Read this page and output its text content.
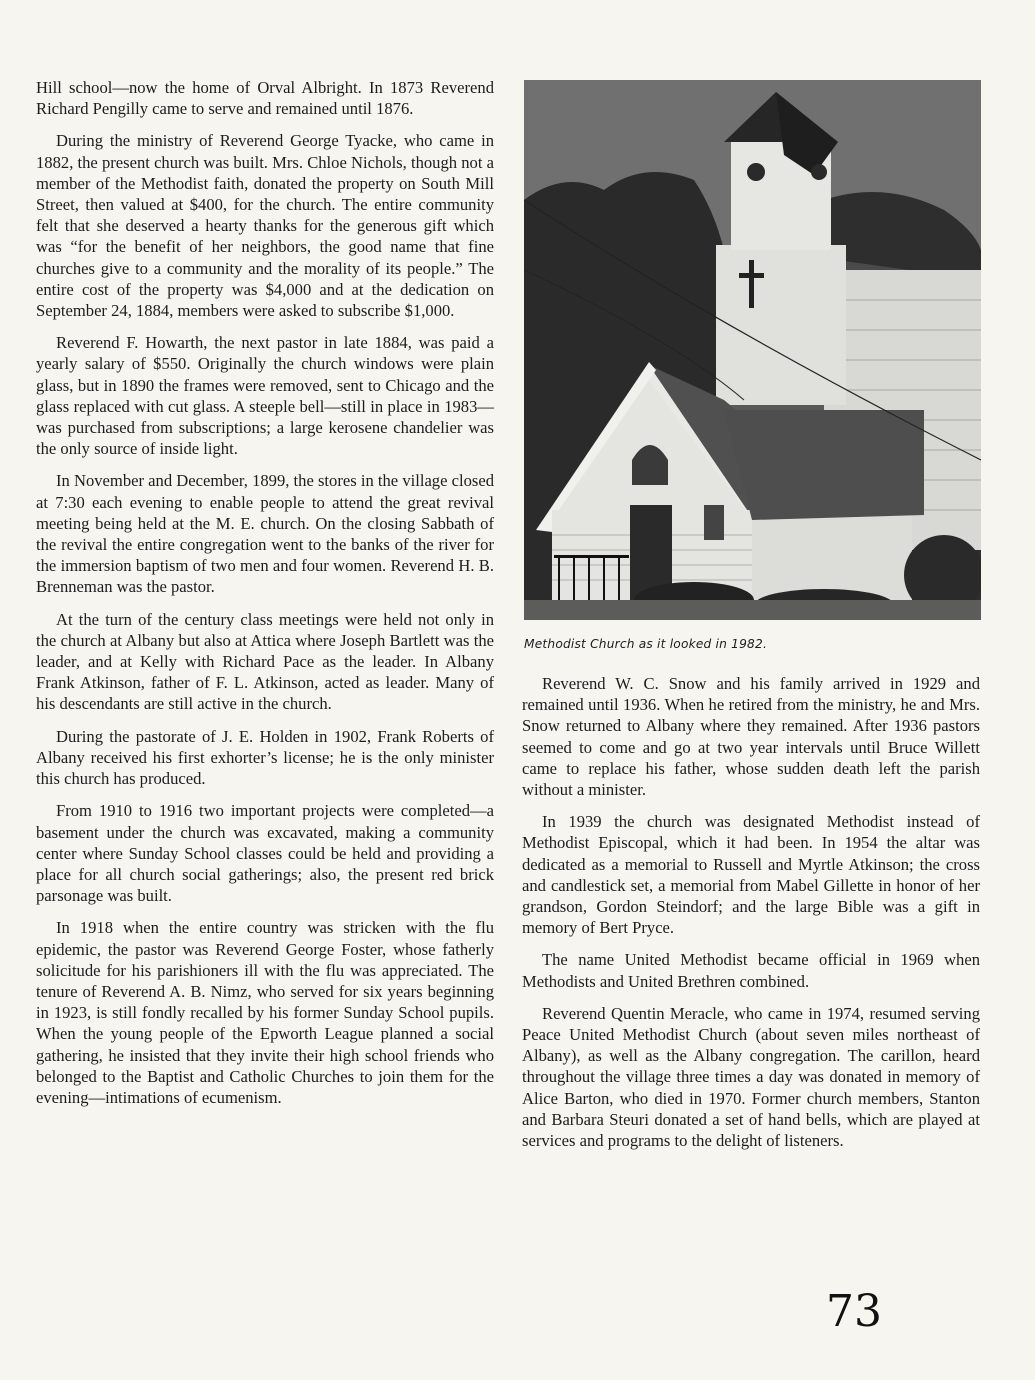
Hill school—now the home of Orval Albright. In 1873 Reverend Richard Pengilly came to serve and remained until 1876.

During the ministry of Reverend George Tyacke, who came in 1882, the present church was built. Mrs. Chloe Nichols, though not a member of the Methodist faith, donated the property on South Mill Street, then valued at $400, for the church. The entire community felt that she deserved a hearty thanks for the generous gift which was “for the benefit of her neighbors, the good name that fine churches give to a community and the morality of its people.” The entire cost of the property was $4,000 and at the dedication on September 24, 1884, members were asked to subscribe $1,000.

Reverend F. Howarth, the next pastor in late 1884, was paid a yearly salary of $550. Originally the church windows were plain glass, but in 1890 the frames were removed, sent to Chicago and the glass replaced with cut glass. A steeple bell—still in place in 1983—was purchased from subscriptions; a large kerosene chandelier was the only source of inside light.

In November and December, 1899, the stores in the village closed at 7:30 each evening to enable people to attend the great revival meeting being held at the M. E. church. On the closing Sabbath of the revival the entire congregation went to the banks of the river for the immersion baptism of two men and four women. Reverend H. B. Brenneman was the pastor.

At the turn of the century class meetings were held not only in the church at Albany but also at Attica where Joseph Bartlett was the leader, and at Kelly with Richard Pace as the leader. In Albany Frank Atkinson, father of F. L. Atkinson, acted as leader. Many of his descendants are still active in the church.

During the pastorate of J. E. Holden in 1902, Frank Roberts of Albany received his first exhorter’s license; he is the only minister this church has produced.

From 1910 to 1916 two important projects were completed—a basement under the church was excavated, making a community center where Sunday School classes could be held and providing a place for all church social gatherings; also, the present red brick parsonage was built.

In 1918 when the entire country was stricken with the flu epidemic, the pastor was Reverend George Foster, whose fatherly solicitude for his parishioners ill with the flu was appreciated. The tenure of Reverend A. B. Nimz, who served for six years beginning in 1923, is still fondly recalled by his former Sunday School pupils. When the young people of the Epworth League planned a social gathering, he insisted that they invite their high school friends who belonged to the Baptist and Catholic Churches to join them for the evening—intimations of ecumenism.

Methodist Church as it looked in 1982.

Reverend W. C. Snow and his family arrived in 1929 and remained until 1936. When he retired from the ministry, he and Mrs. Snow returned to Albany where they remained. After 1936 pastors seemed to come and go at two year intervals until Bruce Willett came to replace his father, whose sudden death left the parish without a minister.

In 1939 the church was designated Methodist instead of Methodist Episcopal, which it had been. In 1954 the altar was dedicated as a memorial to Russell and Myrtle Atkinson; the cross and candlestick set, a memorial from Mabel Gillette in honor of her grandson, Gordon Steindorf; and the large Bible was a gift in memory of Bert Pryce.

The name United Methodist became official in 1969 when Methodists and United Brethren combined.

Reverend Quentin Meracle, who came in 1974, resumed serving Peace United Methodist Church (about seven miles northeast of Albany), as well as the Albany congregation. The carillon, heard throughout the village three times a day was donated in memory of Alice Barton, who died in 1970. Former church members, Stanton and Barbara Steuri donated a set of hand bells, which are played at services and programs to the delight of listeners.

73
